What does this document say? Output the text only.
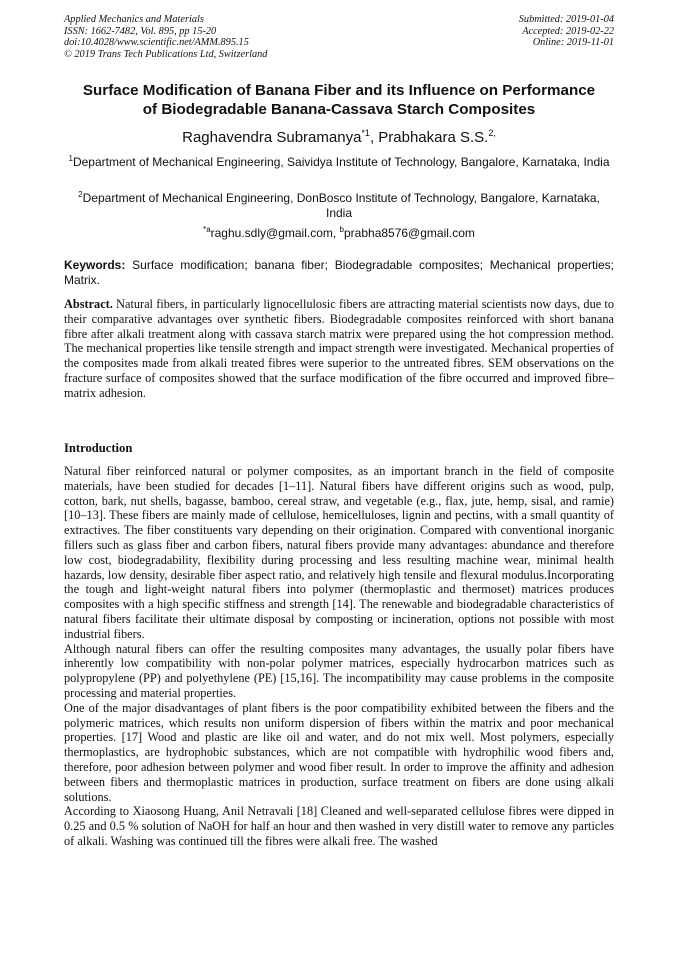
Applied Mechanics and Materials
ISSN: 1662-7482, Vol. 895, pp 15-20
doi:10.4028/www.scientific.net/AMM.895.15
© 2019 Trans Tech Publications Ltd, Switzerland
Submitted: 2019-01-04
Accepted: 2019-02-22
Online: 2019-11-01
Surface Modification of Banana Fiber and its Influence on Performance
of Biodegradable Banana-Cassava Starch Composites
Raghavendra Subramanya$^{*1}$, Prabhakara S.S.$^{2,}$
$^1$Department of Mechanical Engineering, Saividya Institute of Technology, Bangalore, Karnataka, India
$^2$Department of Mechanical Engineering, DonBosco Institute of Technology, Bangalore, Karnataka, India
$^{*a}$raghu.sdly@gmail.com, $^b$prabha8576@gmail.com
Keywords: Surface modification; banana fiber; Biodegradable composites; Mechanical properties; Matrix.
Abstract. Natural fibers, in particularly lignocellulosic fibers are attracting material scientists now days, due to their comparative advantages over synthetic fibers. Biodegradable composites reinforced with short banana fibre after alkali treatment along with cassava starch matrix were prepared using the hot compression method. The mechanical properties like tensile strength and impact strength were investigated. Mechanical properties of the composites made from alkali treated fibres were superior to the untreated fibres. SEM observations on the fracture surface of composites showed that the surface modification of the fibre occurred and improved fibre–matrix adhesion.
Introduction

Natural fiber reinforced natural or polymer composites, as an important branch in the field of composite materials, have been studied for decades [1–11]. Natural fibers have different origins such as wood, pulp, cotton, bark, nut shells, bagasse, bamboo, cereal straw, and vegetable (e.g., flax, jute, hemp, sisal, and ramie) [10–13]. These fibers are mainly made of cellulose, hemicelluloses, lignin and pectins, with a small quantity of extractives. The fiber constituents vary depending on their origination. Compared with conventional inorganic fillers such as glass fiber and carbon fibers, natural fibers provide many advantages: abundance and therefore low cost, biodegradability, flexibility during processing and less resulting machine wear, minimal health hazards, low density, desirable fiber aspect ratio, and relatively high tensile and flexural modulus.Incorporating the tough and light-weight natural fibers into polymer (thermoplastic and thermoset) matrices produces composites with a high specific stiffness and strength [14]. The renewable and biodegradable characteristics of natural fibers facilitate their ultimate disposal by composting or incineration, options not possible with most industrial fibers.

Although natural fibers can offer the resulting composites many advantages, the usually polar fibers have inherently low compatibility with non-polar polymer matrices, especially hydrocarbon matrices such as polypropylene (PP) and polyethylene (PE) [15,16]. The incompatibility may cause problems in the composite processing and material properties.

One of the major disadvantages of plant fibers is the poor compatibility exhibited between the fibers and the polymeric matrices, which results non uniform dispersion of fibers within the matrix and poor mechanical properties. [17] Wood and plastic are like oil and water, and do not mix well. Most polymers, especially thermoplastics, are hydrophobic substances, which are not compatible with hydrophilic wood fibers and, therefore, poor adhesion between polymer and wood fiber result. In order to improve the affinity and adhesion between fibers and thermoplastic matrices in production, surface treatment on fibers are done using alkali solutions.

According to Xiaosong Huang, Anil Netravali [18] Cleaned and well-separated cellulose fibres were dipped in 0.25 and 0.5 % solution of NaOH for half an hour and then washed in very distill water to remove any particles of alkali. Washing was continued till the fibres were alkali free. The washed
